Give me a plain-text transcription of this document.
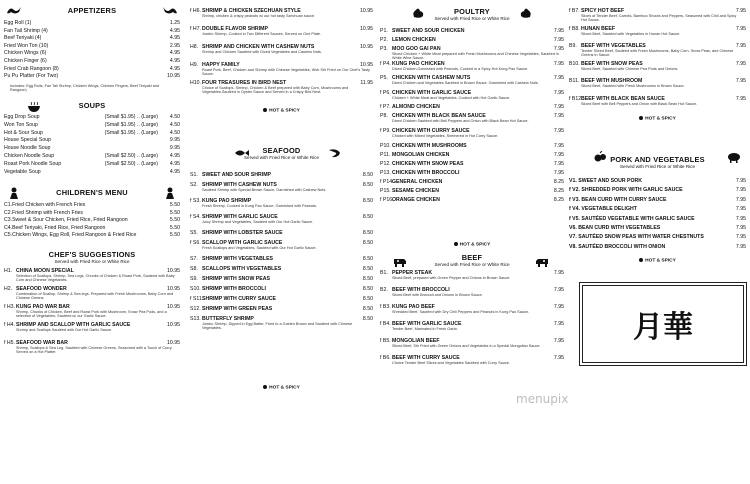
APPETIZERS
Egg Roll (1)	1.25
Fan Tail Shrimp (4)	4.95
Beef Teriyaki (4)	4.95
Fried Won Ton (10)	2.95
Chicken Wings (6)	4.95
Chicken Finger (6)	4.95
Fried Crab Rangoon (8)	4.95
Pu Pu Platter (For Two)	10.95
Includes: Egg Rolls, Fan Tail Shrimp, Chicken Wings, Chicken Fingers, Beef Teriyaki and Rangoon)
SOUPS
Egg Drop Soup	(Small $1.95) .. (Large) 4.50
Won Ton Soup	(Small $1.95) .. (Large) 4.50
Hot & Sour Soup	(Small $1.95) .. (Large) 4.50
House Special Soup	9.95
House Noodle Soup	9.95
Chicken Noodle Soup	(Small $2.50) .. (Large) 4.95
Roast Pork Noodle Soup	(Small $2.50) .. (Large) 4.95
Vegetable Soup	4.95
CHILDREN'S MENU
C1.Fried Chicken with French Fries	5.50
C2.Fried Shrimp with French Fries	5.50
C3.Sweet & Sour Chicken, Fried Rice, Fried Rangoon	5.50
C4.Beef Teriyaki, Fried Rice, Fried Rangoon	5.50
C5.Chicken Wings, Egg Roll, Fried Rangoon & Fried Rice	5.50
CHEF'S SUGGESTIONS
Served with Fried Rice or White Rice
H1. CHINA MOON SPECIAL	10.95
Selection of Scallops, Shrimp, Sea Legs, Chunks of Chicken & Roast Pork, Sauteed with Baby Corn and Chinese Vegetables.
H2. SEAFOOD WONDER	10.95
Combination of Scallop, Shrimp & Sea legs. Prepared with Fresh Mushrooms, Baby Corn and Chinese Greens.
f H3.KUNG PAO WAR BAR	10.95
Shrimp, Chunks of Chicken, Beef and Roast Pork with Mushroom, Snow Pea Pods, and a selection of Vegetables, Sautéed w/ our Garlic Sauce.
f H4.SHRIMP AND SCALLOP WITH GARLIC SAUCE	10.95
Shrimp and Scallops Sautéed with Our Hot Garlic Sauce.
f H5.SEAFOOD WAR BAR	10.95
Shrimp, Scallops & Sea Leg. Sautéed with Chinese Greens, Seasoned with a Touch of Curry. Served on a Hot Platter.
f H6.SHRIMP & CHICKEN SZECHUAN STYLE	10.95
Shrimp, chicken & crispy peanuts w/ our hot tasty Szechuan sauce.
f H7.DOUBLE FLAVOR SHRIMP	10.95
Jumbo Shrimp, Cooked in Two Different Sauces, Served on One Plate.
H8. SHRIMP AND CHICKEN WITH CASHEW NUTS	10.95
Shrimp and Chicken Sautéed with Diced Vegetables and Cashew Nuts.
H9. HAPPY FAMILY	10.95
Roast Pork, Beef, Chicken and Shrimp with Chinese Vegetables, Wok Stir Fried on Our Chef's Tasty Sauce.
H10.FOUR TREASURES IN BIRD NEST	11.95
Choice of Scallops, Shrimp, Chicken & Beef prepared with Baby Corn, Mushrooms and Vegetables,Sautéed in Oyster Sauce and Served in a Crispy Bird Nest.
HOT & SPICY
SEAFOOD
Served with Fried Rice or White Rice
S1. SWEET AND SOUR SHRIMP	8.50
S2. SHRIMP WITH CASHEW NUTS	8.50
Sautéed Shrimp with Special Brown Sauce, Garnished with Cashew Nuts.
f S3.KUNG PAO SHRIMP	8.50
Fresh Shrimp, Cooked in Kung Pao Sauce, Garnished with Peanuts.
f S4.SHRIMP WITH GARLIC SAUCE	8.50
Juicy Shrimp and Vegetables, Sautéed with Our Hot Garlic Sauce.
S5. SHRIMP WITH LOBSTER SAUCE	8.50
f S6.SCALLOP WITH GARLIC SAUCE	8.50
Fresh Scallops and Vegetables, Sautéed with Our Hot Garlic Sauce.
S7. SHRIMP WITH VEGETABLES	8.50
S8. SCALLOPS WITH VEGETABLES	8.50
S9. SHRIMP WITH SNOW PEAS	8.50
S10.SHRIMP WITH BROCCOLI	8.50
f S11.SHRIMP WITH CURRY SAUCE	8.50
S12.SHRIMP WITH GREEN PEAS	8.50
S13.BUTTERFLY SHRIMP	8.50
Jumbo Shrimp, Dipped in Egg Batter, Fried to a Golden Brown and Sautéed with Chinese Vegetables.
HOT & SPICY
POULTRY
Served with Fried Rice or White Rice
P1. SWEET AND SOUR CHICKEN	7.95
P2. LEMON CHICKEN	7.95
P3. MOO GOO GAI PAN	7.95
Sliced Chicken + White Meat prepared with Fresh Mushrooms and Chinese Vegetables, Sautéed in White Wine Sauce.
f P4.KUNG PAO CHICKEN	7.95
Diced Chicken,Garnished with Peanuts, Cooked in a Spicy Hot Kung Pao Sauce.
P5. CHICKEN WITH CASHEW NUTS	7.95
Diced Chicken and Vegetables Sautéed in Brown Sauce. Garnished with Cashew Nuts.
f P6.CHICKEN WITH GARLIC SAUCE	7.95
Chicken + White Meat and Vegetables, Cooked with Hot Garlic Sauce.
f P7.ALMOND CHICKEN	7.95
P8. CHICKEN WITH BLACK BEAN SAUCE	7.95
Diced Chicken Sautéed with Bell Peppers and Onion with Black Bean Hot Sauce.
f P9.CHICKEN WITH CURRY SAUCE	7.95
Chicken with Mixed Vegetables, Simmered in Hot Curry Sauce.
P10.CHICKEN WITH MUSHROOMS	7.95
P11. MONGOLIAN CHICKEN	7.95
P12.CHICKEN WITH SNOW PEAS	7.95
P13.CHICKEN WITH BROCCOLI	7.95
f P14.GENERAL CHICKEN	8.25
P15.SESAME CHICKEN	8.25
f P16.ORANGE CHICKEN	8.25
HOT & SPICY
BEEF
Served with Fried Rice or White Rice
B1. PEPPER STEAK	7.95
Sliced Beef, prepared with Green Pepper and Onions in Brown Sauce.
B2. BEEF WITH BROCCOLI	7.95
Sliced Beef with Broccoli and Onions in Brown Sauce.
f B3.KUNG PAO BEEF	7.95
Shredded Beef, Sautéed with Dry Chili Peppers and Peanuts in Kung Pao Sauce.
f B4.BEEF WITH GARLIC SAUCE	7.95
Tender Beef, Marinated in Fresh Garlic.
f B5.MONGOLIAN BEEF	7.95
Sliced Beef, Stir Fried with Green Onions and Vegetables in a Special Mongolian Sauce.
f B6.BEEF WITH CURRY SAUCE	7.95
Choice Tender Beef Slices and Vegetables Sautéed with Curry Sauce.
f B7.SPICY HOT BEEF	7.95
Slices of Tender Beef, Carrots, Bamboo Shoots and Peppers, Seasoned with Chili and Spicy Hot Sauce.
f B8.HUNAN BEEF	7.95
Sliced Beef, Sautéed with Vegetables in Hunan Hot Sauce.
B9. BEEF WITH VEGETABLES	7.95
Tender Sliced Beef, Sautéed with Fresh Mushrooms, Baby Corn, Snow Peas, and Chinese Greens in Sauce.
B10.BEEF WITH SNOW PEAS	7.95
Sliced Beef, Sautéed with Chinese Pea Pods and Onions.
B11. BEEF WITH MUSHROOM	7.95
Sliced Beef, Sautéed with Fresh Mushrooms in Brown Sauce.
f B12.BEEF WITH BLACK BEAN SAUCE	7.95
Sliced Beef with Bell Peppers and Onion with Black Bean Hot Sauce.
HOT & SPICY
PORK AND VEGETABLES
Served with Fried Rice or White Rice
V1. SWEET AND SOUR PORK	7.95
f V2. SHREDDED PORK WITH GARLIC SAUCE	7.95
f V3. BEAN CURD WITH CURRY SAUCE	7.95
f V4. VEGETABLE DELIGHT	7.95
f V5. SAUTÉED VEGETABLE WITH GARLIC SAUCE	7.95
V6. BEAN CURD WITH VEGETABLES	7.95
V7. SAUTÉED SNOW PEAS WITH WATER CHESTNUTS	7.95
V8. SAUTÉED BROCCOLI WITH ONION	7.95
HOT & SPICY
月華
menupix
